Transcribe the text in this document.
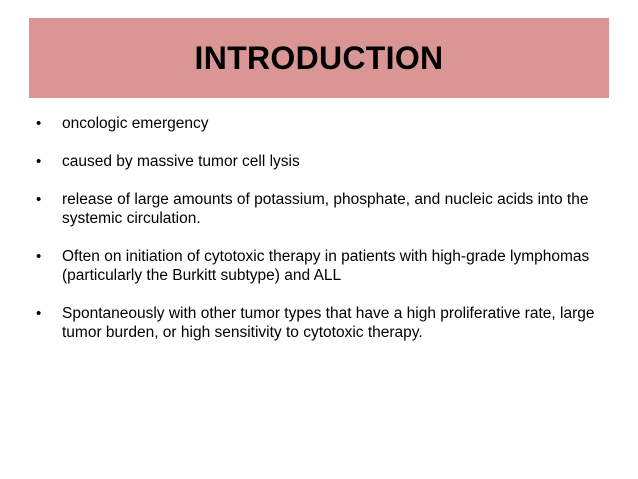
INTRODUCTION
•	oncologic emergency
•	caused by massive tumor cell lysis
•	release of large amounts of potassium, phosphate, and nucleic acids into the systemic circulation.
•	Often on initiation of cytotoxic therapy in patients with high-grade lymphomas (particularly the Burkitt subtype) and ALL
•	Spontaneously with other tumor types that have a high proliferative rate, large tumor burden, or high sensitivity to cytotoxic therapy.
